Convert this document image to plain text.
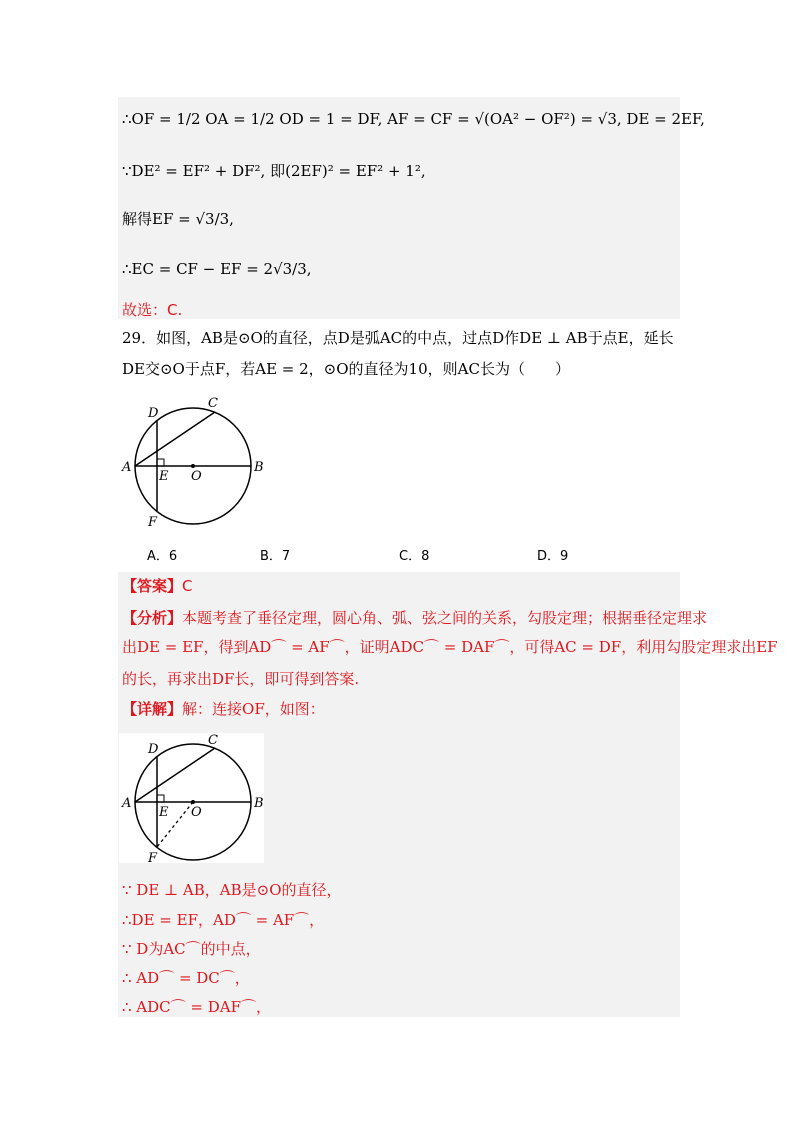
∴OF = 1/2 OA = 1/2 OD = 1 = DF, AF = CF = √(OA² − OF²) = √3, DE = 2EF,
∵DE² = EF² + DF², 即(2EF)² = EF² + 1²,
解得EF = √3/3,
∴EC = CF − EF = 2√3/3,
故选：C.
29．如图，AB是⊙O的直径，点D是弧AC的中点，过点D作DE ⊥ AB于点E，延长
DE交⊙O于点F，若AE = 2，⊙O的直径为10，则AC长为（　　）
D
C
A
E O
B
F
A．6	B．7	C．8	D．9
【答案】C
【分析】本题考查了垂径定理，圆心角、弧、弦之间的关系，勾股定理；根据垂径定理求
出DE = EF，得到AD⌒ = AF⌒，证明ADC⌒ = DAF⌒，可得AC = DF，利用勾股定理求出EF
的长，再求出DF长，即可得到答案.
【详解】解：连接OF，如图：
D
C
A
E O
B
F
∵ DE ⊥ AB，AB是⊙O的直径，
∴DE = EF，AD⌒ = AF⌒，
∵ D为AC⌒的中点，
∴ AD⌒ = DC⌒，
∴ ADC⌒ = DAF⌒，
